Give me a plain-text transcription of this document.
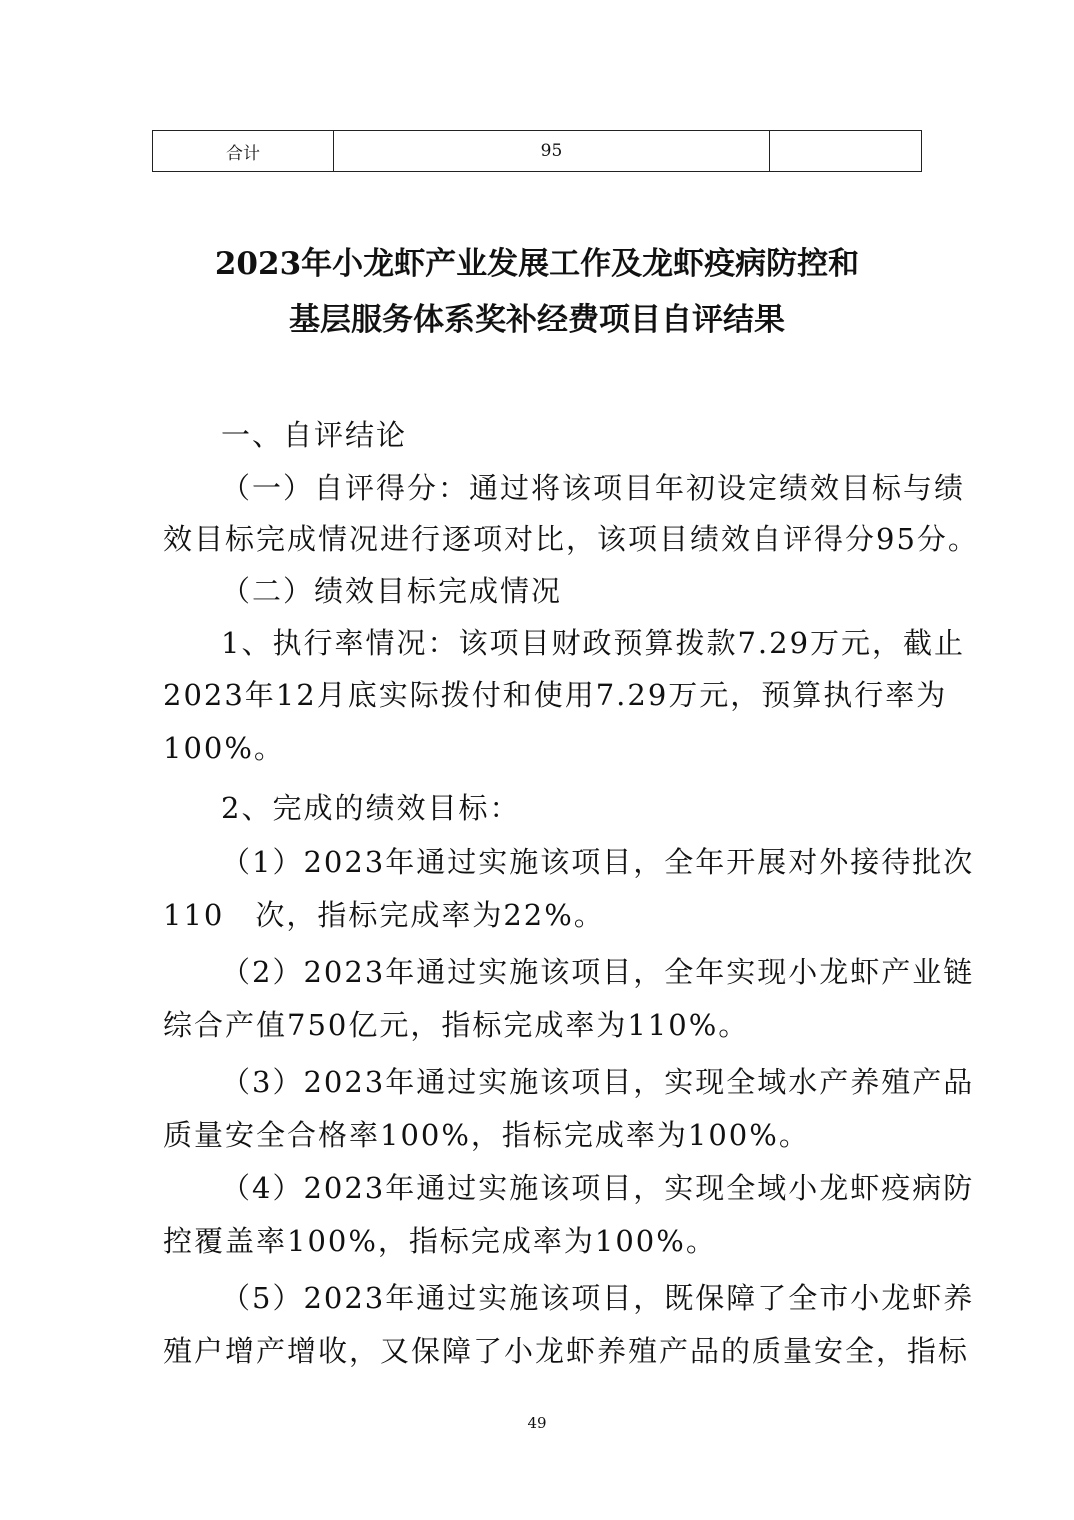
合计	95	
2023年小龙虾产业发展工作及龙虾疫病防控和
基层服务体系奖补经费项目自评结果
一、自评结论
（一）自评得分：通过将该项目年初设定绩效目标与绩
效目标完成情况进行逐项对比，该项目绩效自评得分95分。
（二）绩效目标完成情况
1、执行率情况：该项目财政预算拨款7.29万元，截止
2023年12月底实际拨付和使用7.29万元，预算执行率为
100%。
2、完成的绩效目标：
（1）2023年通过实施该项目，全年开展对外接待批次
110　次，指标完成率为22%。
（2）2023年通过实施该项目，全年实现小龙虾产业链
综合产值750亿元，指标完成率为110%。
（3）2023年通过实施该项目，实现全域水产养殖产品
质量安全合格率100%，指标完成率为100%。
（4）2023年通过实施该项目，实现全域小龙虾疫病防
控覆盖率100%，指标完成率为100%。
（5）2023年通过实施该项目，既保障了全市小龙虾养
殖户增产增收，又保障了小龙虾养殖产品的质量安全，指标
49
